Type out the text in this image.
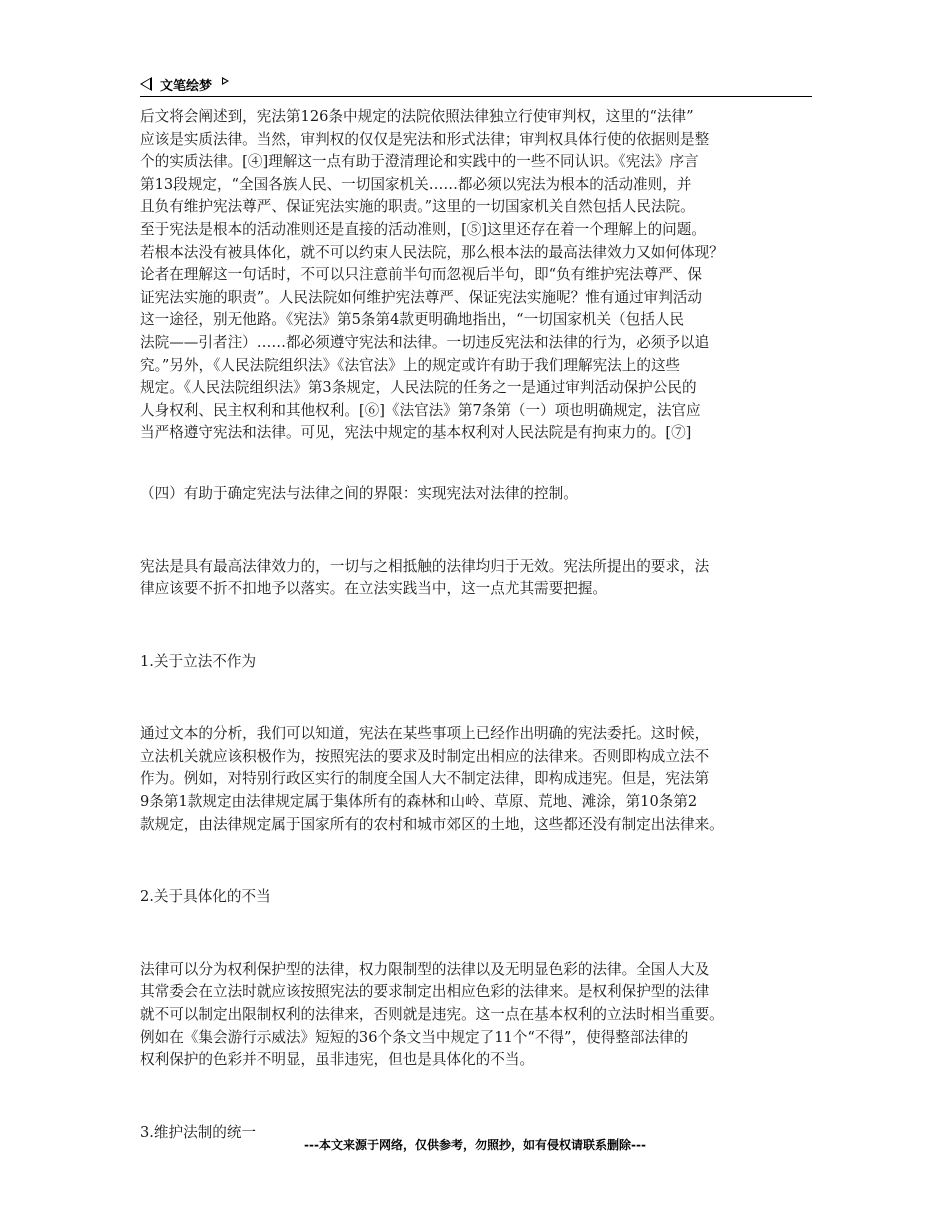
文笔绘梦

后文将会阐述到，宪法第126条中规定的法院依照法律独立行使审判权，这里的“法律”

应该是实质法律。当然，审判权的仅仅是宪法和形式法律；审判权具体行使的依据则是整

个的实质法律。[④]理解这一点有助于澄清理论和实践中的一些不同认识。《宪法》序言

第13段规定，“全国各族人民、一切国家机关……都必须以宪法为根本的活动准则，并

且负有维护宪法尊严、保证宪法实施的职责。”这里的一切国家机关自然包括人民法院。

至于宪法是根本的活动准则还是直接的活动准则，[⑤]这里还存在着一个理解上的问题。

若根本法没有被具体化，就不可以约束人民法院，那么根本法的最高法律效力又如何体现？

论者在理解这一句话时，不可以只注意前半句而忽视后半句，即“负有维护宪法尊严、保

证宪法实施的职责”。人民法院如何维护宪法尊严、保证宪法实施呢？惟有通过审判活动

这一途径，别无他路。《宪法》第5条第4款更明确地指出，“一切国家机关（包括人民

法院——引者注）……都必须遵守宪法和法律。一切违反宪法和法律的行为，必须予以追

究。”另外，《人民法院组织法》《法官法》上的规定或许有助于我们理解宪法上的这些

规定。《人民法院组织法》第3条规定，人民法院的任务之一是通过审判活动保护公民的

人身权利、民主权利和其他权利。[⑥]《法官法》第7条第（一）项也明确规定，法官应

当严格遵守宪法和法律。可见，宪法中规定的基本权利对人民法院是有拘束力的。[⑦]

（四）有助于确定宪法与法律之间的界限：实现宪法对法律的控制。

宪法是具有最高法律效力的，一切与之相抵触的法律均归于无效。宪法所提出的要求，法

律应该要不折不扣地予以落实。在立法实践当中，这一点尤其需要把握。

1.关于立法不作为

通过文本的分析，我们可以知道，宪法在某些事项上已经作出明确的宪法委托。这时候，

立法机关就应该积极作为，按照宪法的要求及时制定出相应的法律来。否则即构成立法不

作为。例如，对特别行政区实行的制度全国人大不制定法律，即构成违宪。但是，宪法第

9条第1款规定由法律规定属于集体所有的森林和山岭、草原、荒地、滩涂，第10条第2

款规定，由法律规定属于国家所有的农村和城市郊区的土地，这些都还没有制定出法律来。

2.关于具体化的不当

法律可以分为权利保护型的法律，权力限制型的法律以及无明显色彩的法律。全国人大及

其常委会在立法时就应该按照宪法的要求制定出相应色彩的法律来。是权利保护型的法律

就不可以制定出限制权利的法律来，否则就是违宪。这一点在基本权利的立法时相当重要。

例如在《集会游行示威法》短短的36个条文当中规定了11个“不得”，使得整部法律的

权利保护的色彩并不明显，虽非违宪，但也是具体化的不当。

3.维护法制的统一

---本文来源于网络，仅供参考，勿照抄，如有侵权请联系删除---
